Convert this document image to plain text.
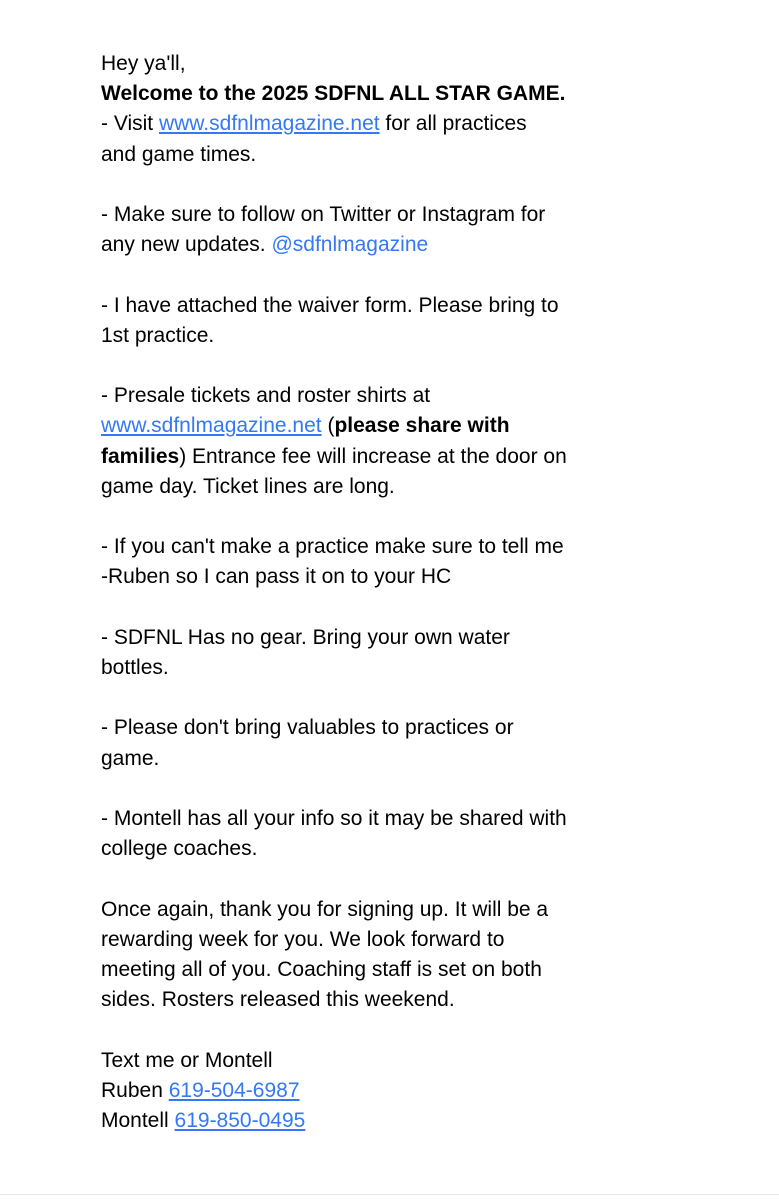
Hey ya'll,

Welcome to the 2025 SDFNL ALL STAR GAME.

- Visit www.sdfnlmagazine.net for all practices

and game times.

- Make sure to follow on Twitter or Instagram for

any new updates. @sdfnlmagazine

- I have attached the waiver form. Please bring to

1st practice.

- Presale tickets and roster shirts at

www.sdfnlmagazine.net (please share with

families) Entrance fee will increase at the door on

game day. Ticket lines are long.

- If you can't make a practice make sure to tell me

-Ruben so I can pass it on to your HC

- SDFNL Has no gear. Bring your own water

bottles.

- Please don't bring valuables to practices or

game.

- Montell has all your info so it may be shared with

college coaches.

Once again, thank you for signing up. It will be a

rewarding week for you. We look forward to

meeting all of you. Coaching staff is set on both

sides. Rosters released this weekend.

Text me or Montell

Ruben 619-504-6987

Montell 619-850-0495
